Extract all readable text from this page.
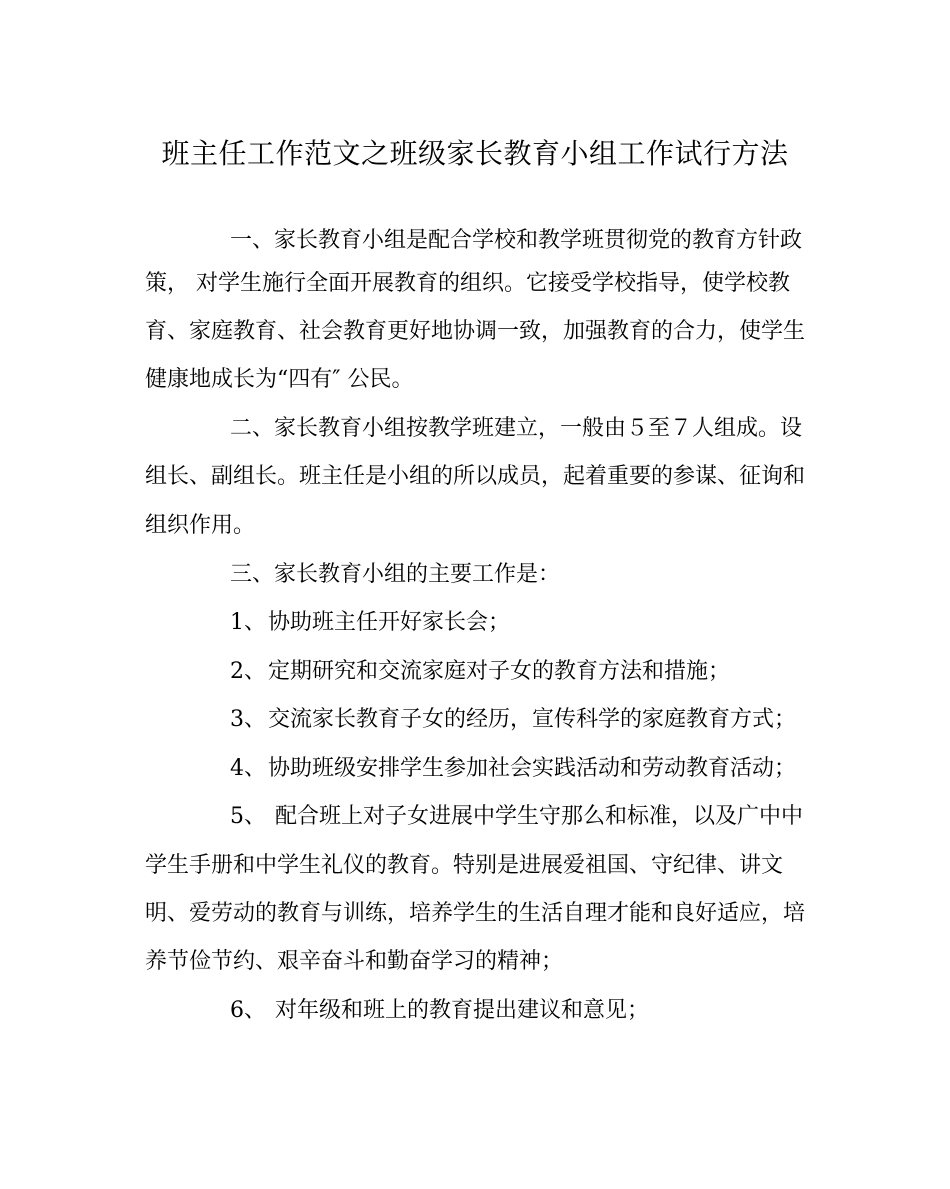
班主任工作范文之班级家长教育小组工作试行方法
一、家长教育小组是配合学校和教学班贯彻党的教育方针政
策， 对学生施行全面开展教育的组织。它接受学校指导，使学校教
育、家庭教育、社会教育更好地协调一致，加强教育的合力，使学生
健康地成长为“四有″ 公民。
二、家长教育小组按教学班建立，一般由５至７人组成。设
组长、副组长。班主任是小组的所以成员，起着重要的参谋、征询和
组织作用。
三、家长教育小组的主要工作是：
1、协助班主任开好家长会；
2、定期研究和交流家庭对子女的教育方法和措施；
3、交流家长教育子女的经历，宣传科学的家庭教育方式；
4、协助班级安排学生参加社会实践活动和劳动教育活动；
5、 配合班上对子女进展中学生守那么和标准，以及广中中
学生手册和中学生礼仪的教育。特别是进展爱祖国、守纪律、讲文
明、爱劳动的教育与训练，培养学生的生活自理才能和良好适应，培
养节俭节约、艰辛奋斗和勤奋学习的精神；
6、 对年级和班上的教育提出建议和意见；
